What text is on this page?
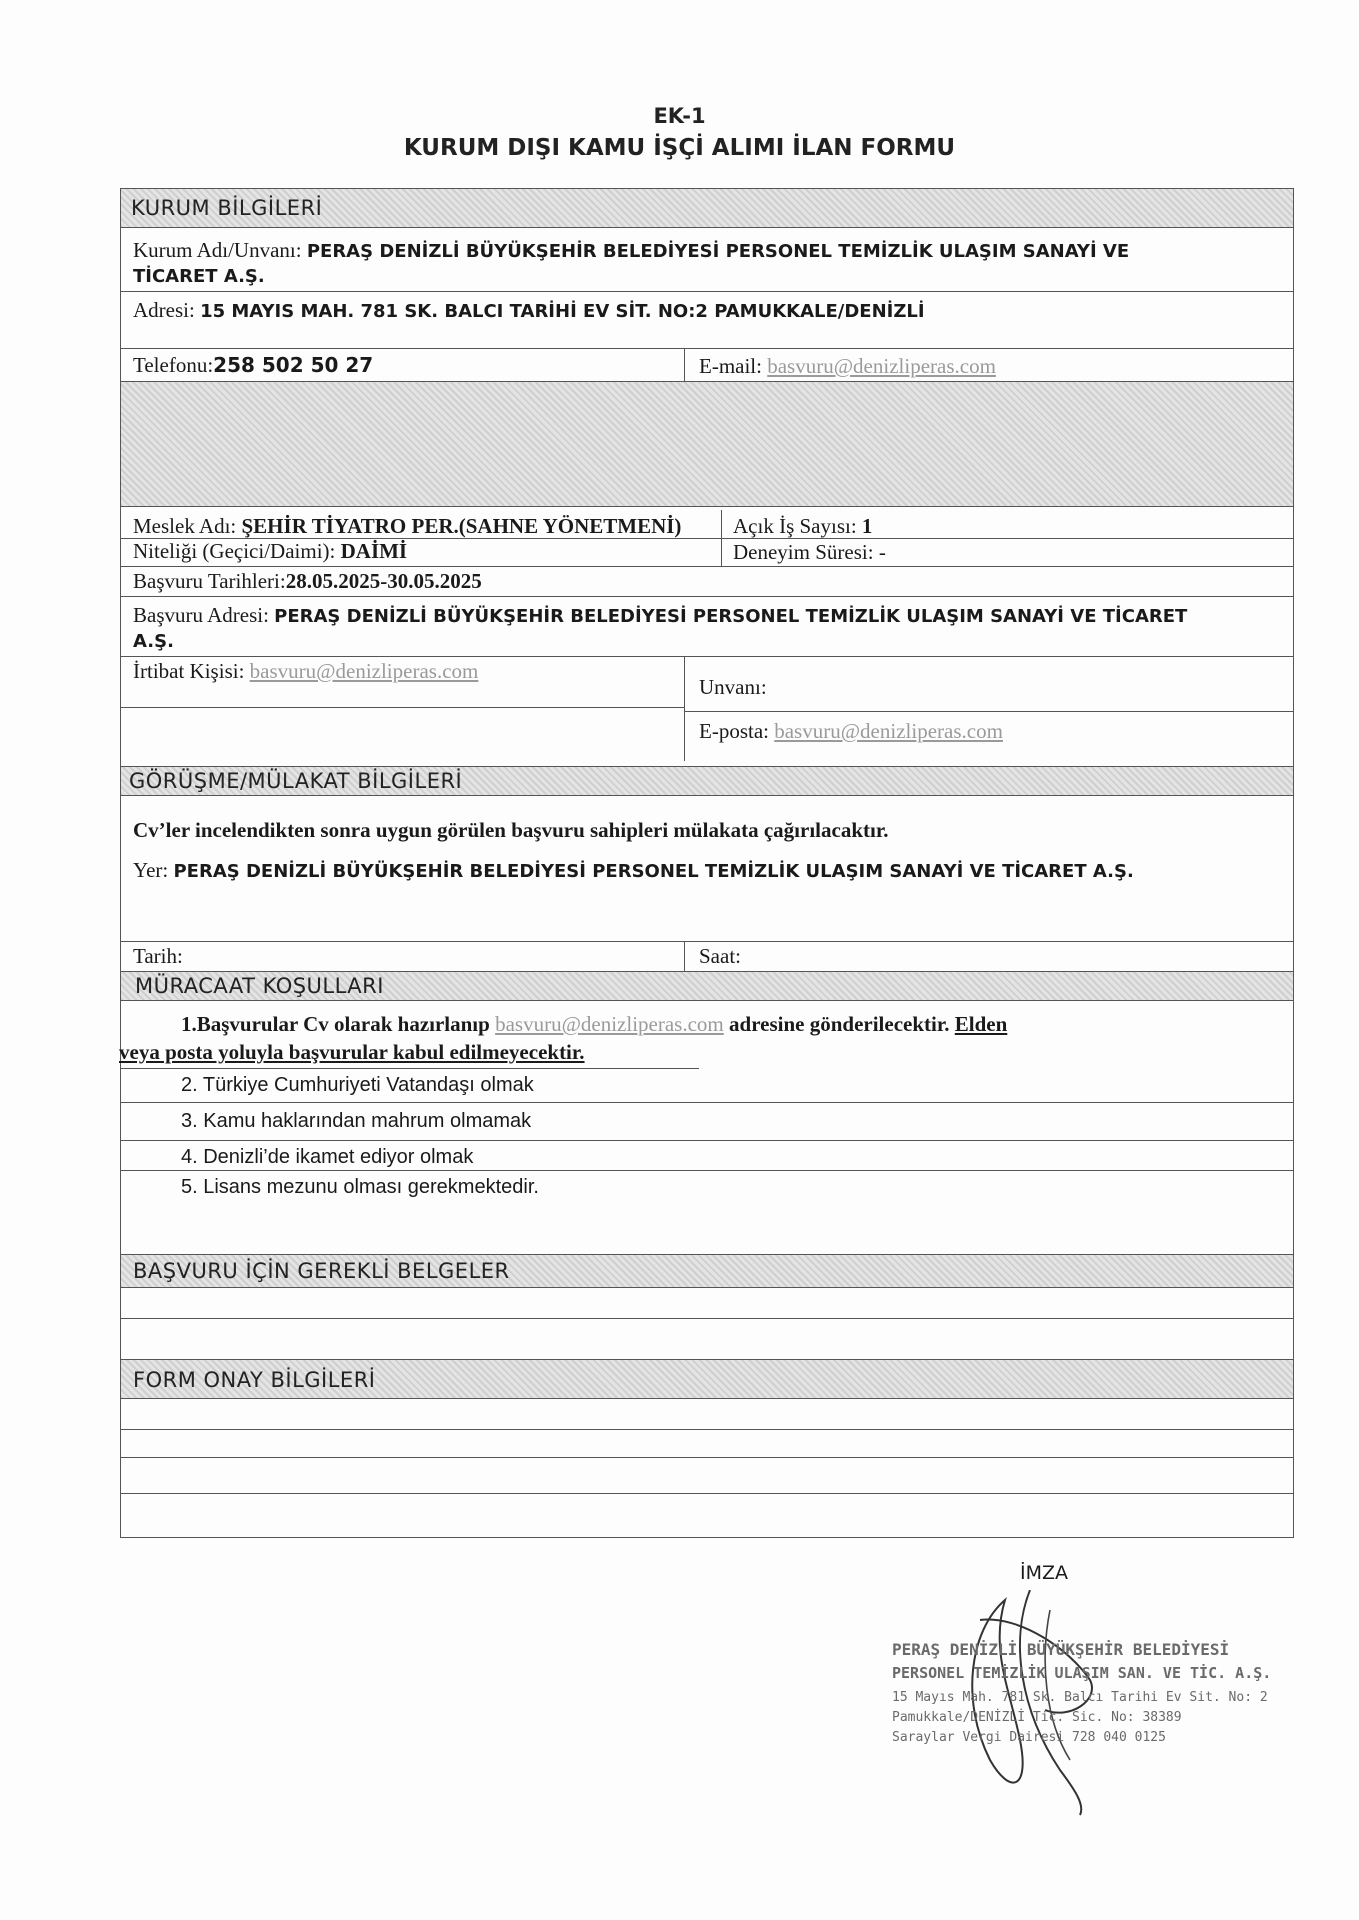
EK-1
KURUM DIŞI KAMU İŞÇİ ALIMI İLAN FORMU
KURUM BİLGİLERİ
Kurum Adı/Unvanı: PERAŞ DENİZLİ BÜYÜKŞEHİR BELEDİYESİ PERSONEL TEMİZLİK ULAŞIM SANAYİ VE
TİCARET A.Ş.
Adresi: 15 MAYIS MAH. 781 SK. BALCI TARİHİ EV SİT. NO:2 PAMUKKALE/DENİZLİ
Telefonu:258 502 50 27	E-mail: basvuru@denizliperas.com
Meslek Adı: ŞEHİR TİYATRO PER.(SAHNE YÖNETMENİ) Açık İş Sayısı: 1
Niteliği (Geçici/Daimi): DAİMİ	Deneyim Süresi: -
Başvuru Tarihleri:28.05.2025-30.05.2025
Başvuru Adresi: PERAŞ DENİZLİ BÜYÜKŞEHİR BELEDİYESİ PERSONEL TEMİZLİK ULAŞIM SANAYİ VE TİCARET
A.Ş.
İrtibat Kişisi: basvuru@denizliperas.com
Unvanı:
E-posta: basvuru@denizliperas.com
GÖRÜŞME/MÜLAKAT BİLGİLERİ
Cv’ler incelendikten sonra uygun görülen başvuru sahipleri mülakata çağırılacaktır.
Yer: PERAŞ DENİZLİ BÜYÜKŞEHİR BELEDİYESİ PERSONEL TEMİZLİK ULAŞIM SANAYİ VE TİCARET A.Ş.
Tarih:	Saat:
MÜRACAAT KOŞULLARI
1.Başvurular Cv olarak hazırlanıp basvuru@denizliperas.com adresine gönderilecektir. Elden
veya posta yoluyla başvurular kabul edilmeyecektir.
2. Türkiye Cumhuriyeti Vatandaşı olmak
3. Kamu haklarından mahrum olmamak
4. Denizli’de ikamet ediyor olmak
5. Lisans mezunu olması gerekmektedir.
BAŞVURU İÇİN GEREKLİ BELGELER
FORM ONAY BİLGİLERİ
İMZA
PERAŞ DENİZLİ BÜYÜKŞEHİR BELEDİYESİ
PERSONEL TEMİZLİK ULAŞIM SAN. VE TİC. A.Ş.
15 Mayıs Mah. 781 Sk. Balcı Tarihi Ev Sit. No: 2
Pamukkale/DENİZLİ Tic. Sic. No: 38389
Saraylar Vergi Dairesi 728 040 0125
